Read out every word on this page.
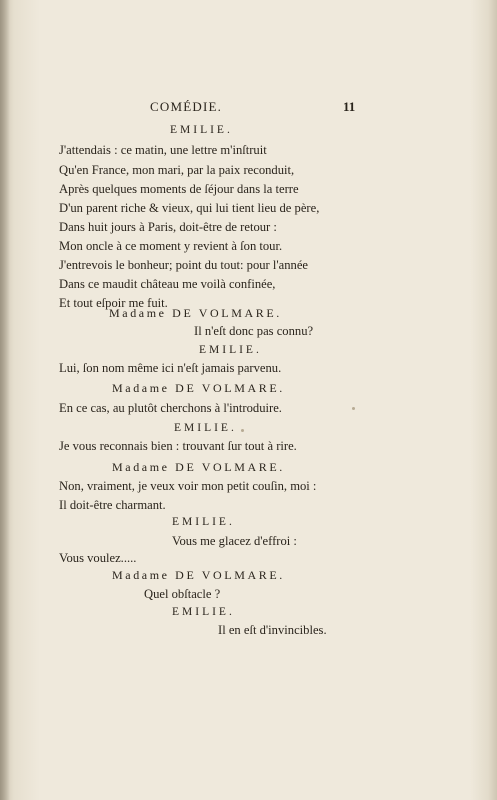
COMÉDIE.	11
EMILIE.
J'attendais : ce matin, une lettre m'inſtruit
Qu'en France, mon mari, par la paix reconduit,
Après quelques moments de ſéjour dans la terre
D'un parent riche & vieux, qui lui tient lieu de père,
Dans huit jours à Paris, doit-être de retour :
Mon oncle à ce moment y revient à ſon tour.
J'entrevois le bonheur; point du tout: pour l'année
Dans ce maudit château me voilà confinée,
Et tout eſpoir me fuit.
Madame DE VOLMARE.
Il n'eſt donc pas connu?
EMILIE.
Lui, ſon nom même ici n'eſt jamais parvenu.
Madame DE VOLMARE.
En ce cas, au plutôt cherchons à l'introduire.
EMILIE.
Je vous reconnais bien : trouvant ſur tout à rire.
Madame DE VOLMARE.
Non, vraiment, je veux voir mon petit couſin, moi :
Il doit-être charmant.
EMILIE.
Vous me glacez d'effroi :
Vous voulez.....
Madame DE VOLMARE.
Quel obſtacle ?
EMILIE.
Il en eſt d'invincibles.
